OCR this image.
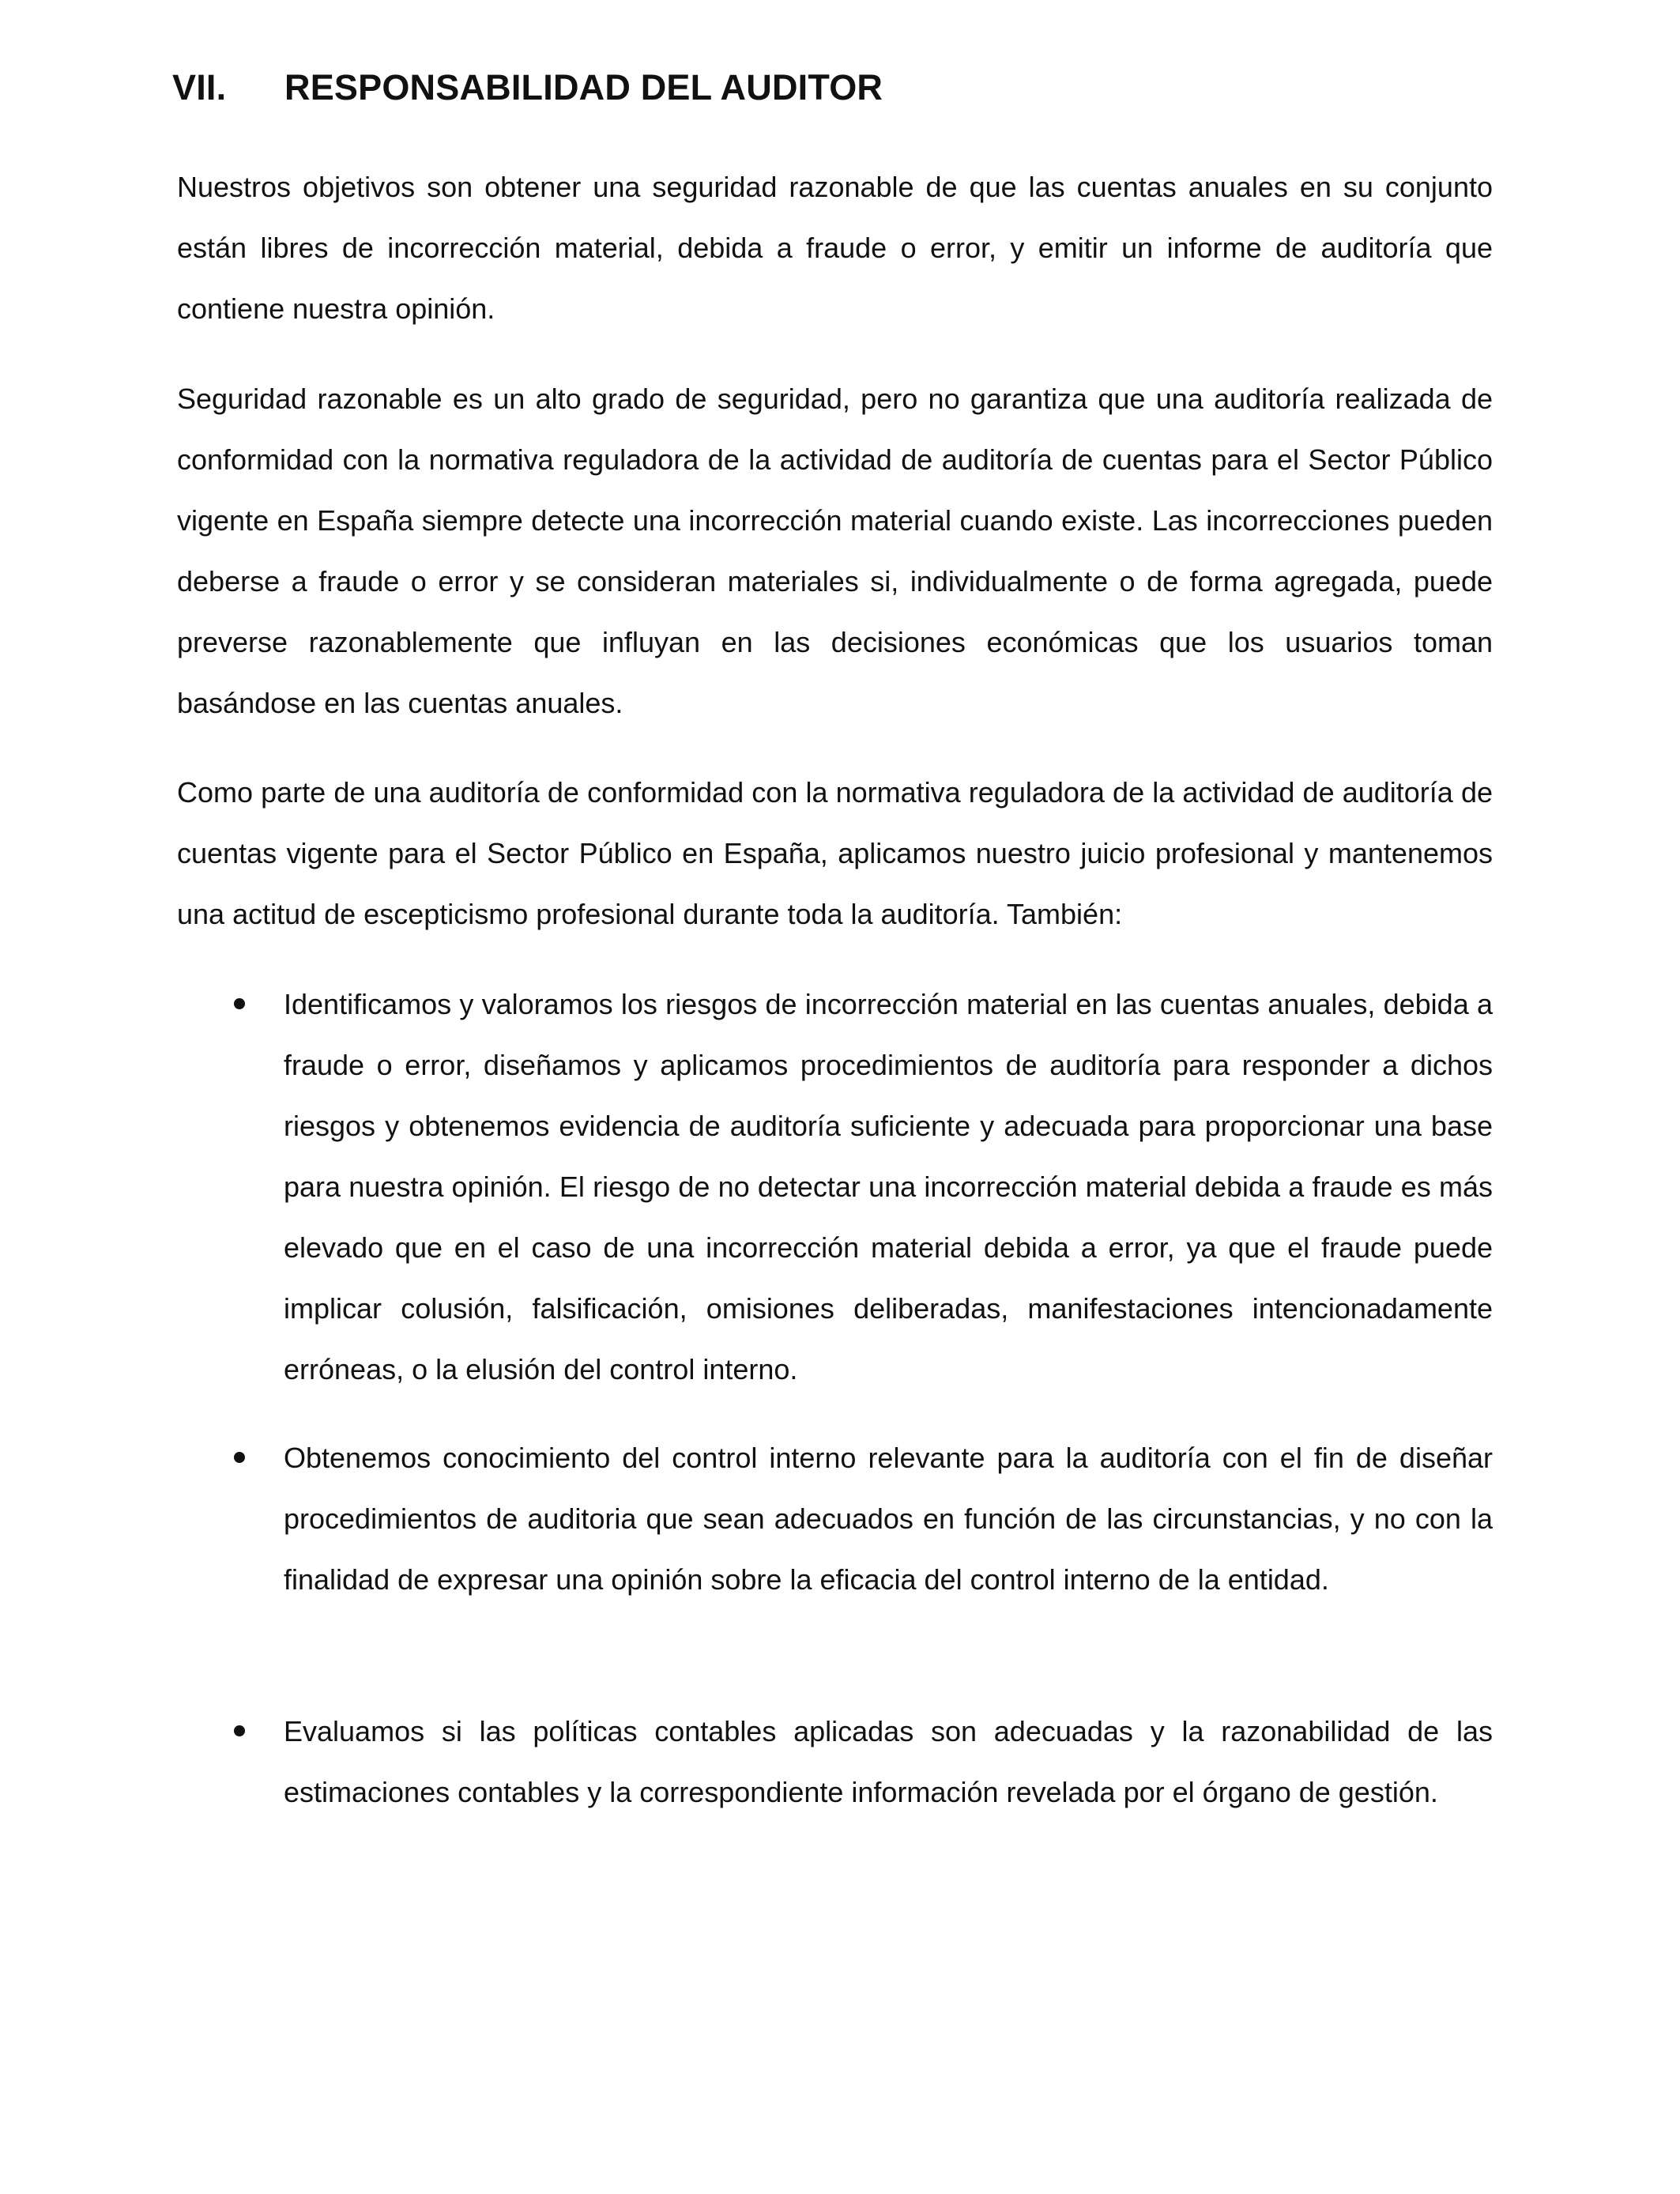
VII. RESPONSABILIDAD DEL AUDITOR

Nuestros objetivos son obtener una seguridad razonable de que las cuentas anuales en su conjunto están libres de incorrección material, debida a fraude o error, y emitir un informe de auditoría que contiene nuestra opinión.

Seguridad razonable es un alto grado de seguridad, pero no garantiza que una auditoría realizada de conformidad con la normativa reguladora de la actividad de auditoría de cuentas para el Sector Público vigente en España siempre detecte una incorrección material cuando existe. Las incorrecciones pueden deberse a fraude o error y se consideran materiales si, individualmente o de forma agregada, puede preverse razonablemente que influyan en las decisiones económicas que los usuarios toman basándose en las cuentas anuales.

Como parte de una auditoría de conformidad con la normativa reguladora de la actividad de auditoría de cuentas vigente para el Sector Público en España, aplicamos nuestro juicio profesional y mantenemos una actitud de escepticismo profesional durante toda la auditoría. También:

Identificamos y valoramos los riesgos de incorrección material en las cuentas anuales, debida a fraude o error, diseñamos y aplicamos procedimientos de auditoría para responder a dichos riesgos y obtenemos evidencia de auditoría suficiente y adecuada para proporcionar una base para nuestra opinión. El riesgo de no detectar una incorrección material debida a fraude es más elevado que en el caso de una incorrección material debida a error, ya que el fraude puede implicar colusión, falsificación, omisiones deliberadas, manifestaciones intencionadamente erróneas, o la elusión del control interno.
Obtenemos conocimiento del control interno relevante para la auditoría con el fin de diseñar procedimientos de auditoria que sean adecuados en función de las circunstancias, y no con la finalidad de expresar una opinión sobre la eficacia del control interno de la entidad.
Evaluamos si las políticas contables aplicadas son adecuadas y la razonabilidad de las estimaciones contables y la correspondiente información revelada por el órgano de gestión.
